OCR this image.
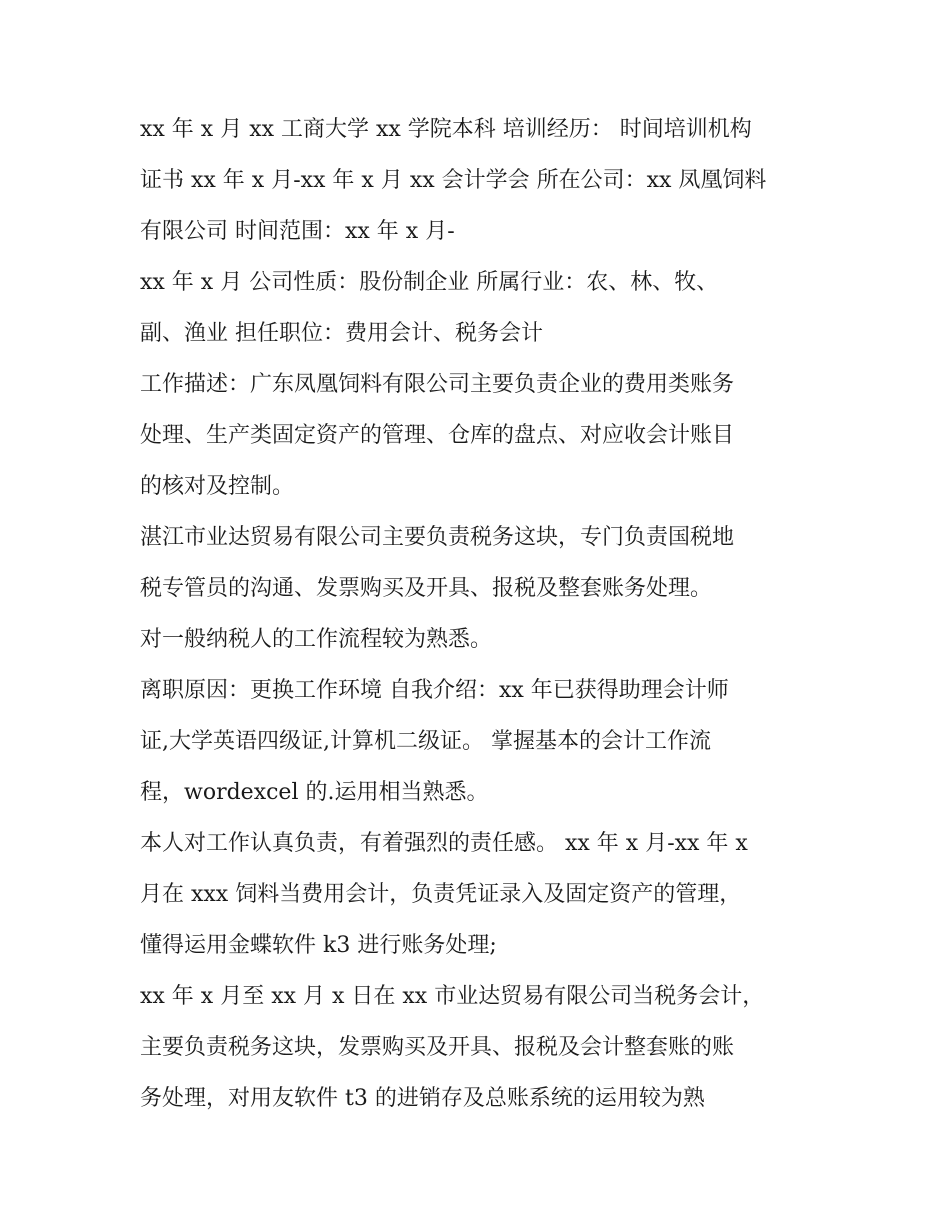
xx 年 x 月 xx 工商大学 xx 学院本科 培训经历： 时间培训机构
证书 xx 年 x 月-xx 年 x 月 xx 会计学会 所在公司：xx 凤凰饲料
有限公司 时间范围：xx 年 x 月-
xx 年 x 月 公司性质：股份制企业 所属行业：农、林、牧、
副、渔业 担任职位：费用会计、税务会计
工作描述：广东凤凰饲料有限公司主要负责企业的费用类账务
处理、生产类固定资产的管理、仓库的盘点、对应收会计账目
的核对及控制。
湛江市业达贸易有限公司主要负责税务这块，专门负责国税地
税专管员的沟通、发票购买及开具、报税及整套账务处理。
对一般纳税人的工作流程较为熟悉。
离职原因：更换工作环境 自我介绍：xx 年已获得助理会计师
证,大学英语四级证,计算机二级证。 掌握基本的会计工作流
程，wordexcel 的.运用相当熟悉。
本人对工作认真负责，有着强烈的责任感。 xx 年 x 月-xx 年 x
月在 xxx 饲料当费用会计，负责凭证录入及固定资产的管理，
懂得运用金蝶软件 k3 进行账务处理;
xx 年 x 月至 xx 月 x 日在 xx 市业达贸易有限公司当税务会计，
主要负责税务这块，发票购买及开具、报税及会计整套账的账
务处理，对用友软件 t3 的进销存及总账系统的运用较为熟
